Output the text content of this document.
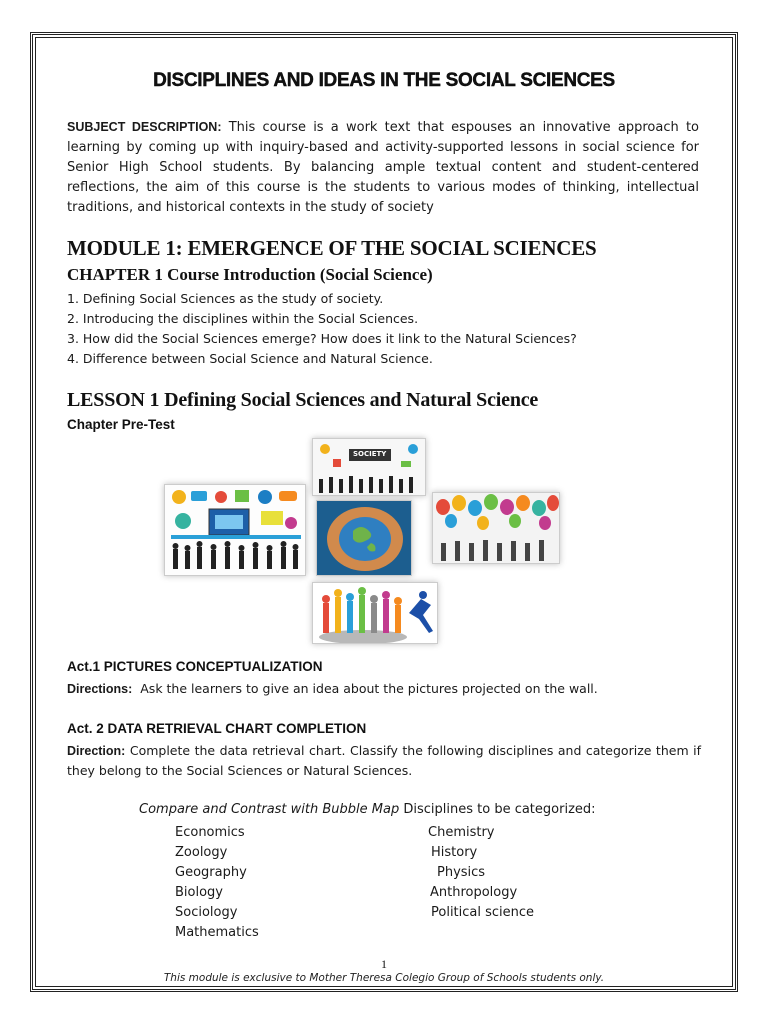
DISCIPLINES AND IDEAS IN THE SOCIAL SCIENCES

SUBJECT DESCRIPTION: This course is a work text that espouses an innovative approach to learning by coming up with inquiry-based and activity-supported lessons in social science for Senior High School students. By balancing ample textual content and student-centered reflections, the aim of this course is the students to various modes of thinking, intellectual traditions, and historical contexts in the study of society

MODULE 1: EMERGENCE OF THE SOCIAL SCIENCES
CHAPTER 1 Course Introduction (Social Science)
1. Defining Social Sciences as the study of society.
2. Introducing the disciplines within the Social Sciences.
3. How did the Social Sciences emerge? How does it link to the Natural Sciences?
4. Difference between Social Science and Natural Science.
LESSON 1 Defining Social Sciences and Natural Science
Chapter Pre-Test
SOCIETY
Act.1 PICTURES CONCEPTUALIZATION

Directions: Ask the learners to give an idea about the pictures projected on the wall.

Act. 2 DATA RETRIEVAL CHART COMPLETION

Direction: Complete the data retrieval chart. Classify the following disciplines and categorize them if they belong to the Social Sciences or Natural Sciences.

Compare and Contrast with Bubble Map Disciplines to be categorized:
Economics
Zoology
Geography
Biology
Sociology
Mathematics
Chemistry
History
Physics
Anthropology
Political science
1
This module is exclusive to Mother Theresa Colegio Group of Schools students only.
